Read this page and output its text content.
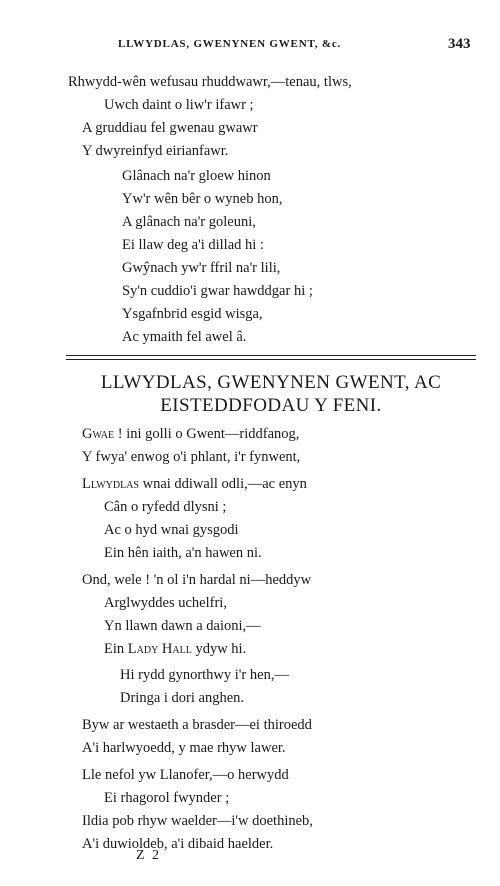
LLWYDLAS, GWENYNEN GWENT, &c.	343
Rhwydd-wên wefusau rhuddwawr,—tenau, tlws,
Uwch daint o liw'r ifawr ;
A gruddiau fel gwenau gwawr
Y dwyreinfyd eirianfawr.
Glânach na'r gloew hinon
Yw'r wên bêr o wyneb hon,
A glânach na'r goleuni,
Ei llaw deg a'i dillad hi :
Gwŷnach yw'r ffril na'r lili,
Sy'n cuddio'i gwar hawddgar hi ;
Ysgafnbrid esgid wisga,
Ac ymaith fel awel â.
LLWYDLAS, GWENYNEN GWENT, AC
EISTEDDFODAU Y FENI.
Gwae ! ini golli o Gwent—riddfanog,
Y fwya' enwog o'i phlant, i'r fynwent,
Llwydlas wnai ddiwall odli,—ac enyn
Cân o ryfedd dlysni ;
Ac o hyd wnai gysgodi
Ein hên iaith, a'n hawen ni.
Ond, wele ! 'n ol i'n hardal ni—heddyw
Arglwyddes uchelfri,
Yn llawn dawn a daioni,—
Ein Lady Hall ydyw hi.
Hi rydd gynorthwy i'r hen,—
Dringa i dori anghen.
Byw ar westaeth a brasder—ei thiroedd
A'i harlwyoedd, y mae rhyw lawer.
Lle nefol yw Llanofer,—o herwydd
Ei rhagorol fwynder ;
Ildia pob rhyw waelder—i'w doethineb,
A'i duwioldeb, a'i dibaid haelder.
Z 2
